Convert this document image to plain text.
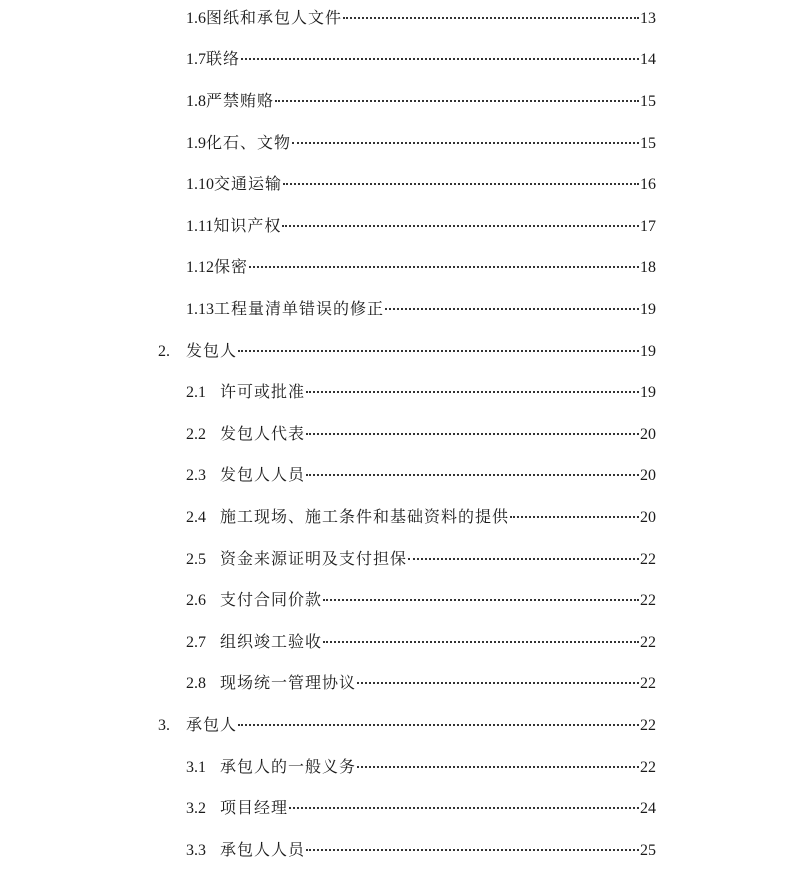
1.6 图纸和承包人文件	13
1.7 联络	14
1.8 严禁贿赂	15
1.9 化石、文物	15
1.10 交通运输	16
1.11 知识产权	17
1.12 保密	18
1.13 工程量清单错误的修正	19
2.	发包人	19
2.1 许可或批准	19
2.2 发包人代表	20
2.3 发包人人员	20
2.4 施工现场、施工条件和基础资料的提供	20
2.5 资金来源证明及支付担保	22
2.6 支付合同价款	22
2.7 组织竣工验收	22
2.8 现场统一管理协议	22
3.	承包人	22
3.1 承包人的一般义务	22
3.2 项目经理	24
3.3 承包人人员	25
